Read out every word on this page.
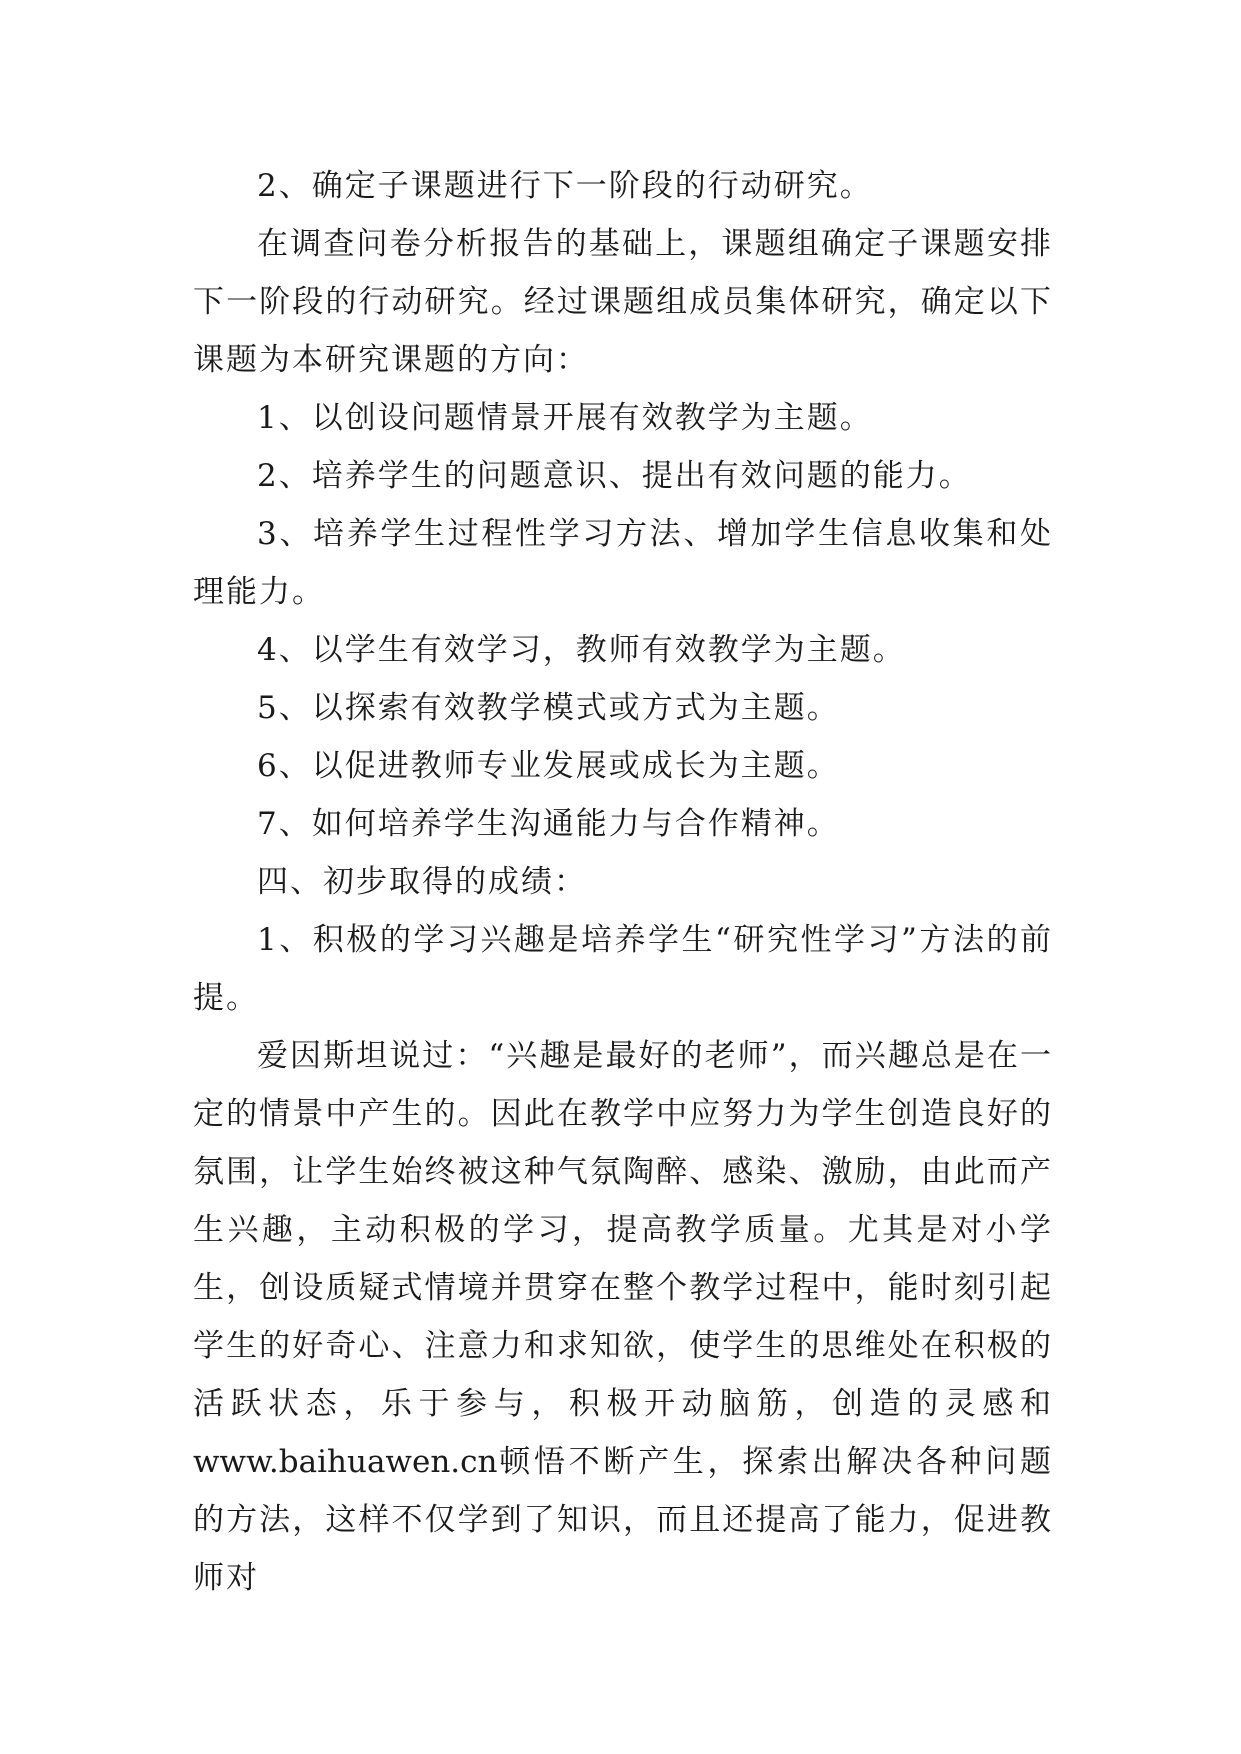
2、确定子课题进行下一阶段的行动研究。

在调查问卷分析报告的基础上，课题组确定子课题安排下一阶段的行动研究。经过课题组成员集体研究，确定以下课题为本研究课题的方向：

1、以创设问题情景开展有效教学为主题。

2、培养学生的问题意识、提出有效问题的能力。

3、培养学生过程性学习方法、增加学生信息收集和处理能力。

4、以学生有效学习，教师有效教学为主题。

5、以探索有效教学模式或方式为主题。

6、以促进教师专业发展或成长为主题。

7、如何培养学生沟通能力与合作精神。

四、初步取得的成绩：

1、积极的学习兴趣是培养学生“研究性学习”方法的前提。

爱因斯坦说过：“兴趣是最好的老师”，而兴趣总是在一定的情景中产生的。因此在教学中应努力为学生创造良好的氛围，让学生始终被这种气氛陶醉、感染、激励，由此而产生兴趣，主动积极的学习，提高教学质量。尤其是对小学生，创设质疑式情境并贯穿在整个教学过程中，能时刻引起学生的好奇心、注意力和求知欲，使学生的思维处在积极的活跃状态，乐于参与，积极开动脑筋，创造的灵感和www.baihuawen.cn顿悟不断产生，探索出解决各种问题的方法，这样不仅学到了知识，而且还提高了能力，促进教师对
